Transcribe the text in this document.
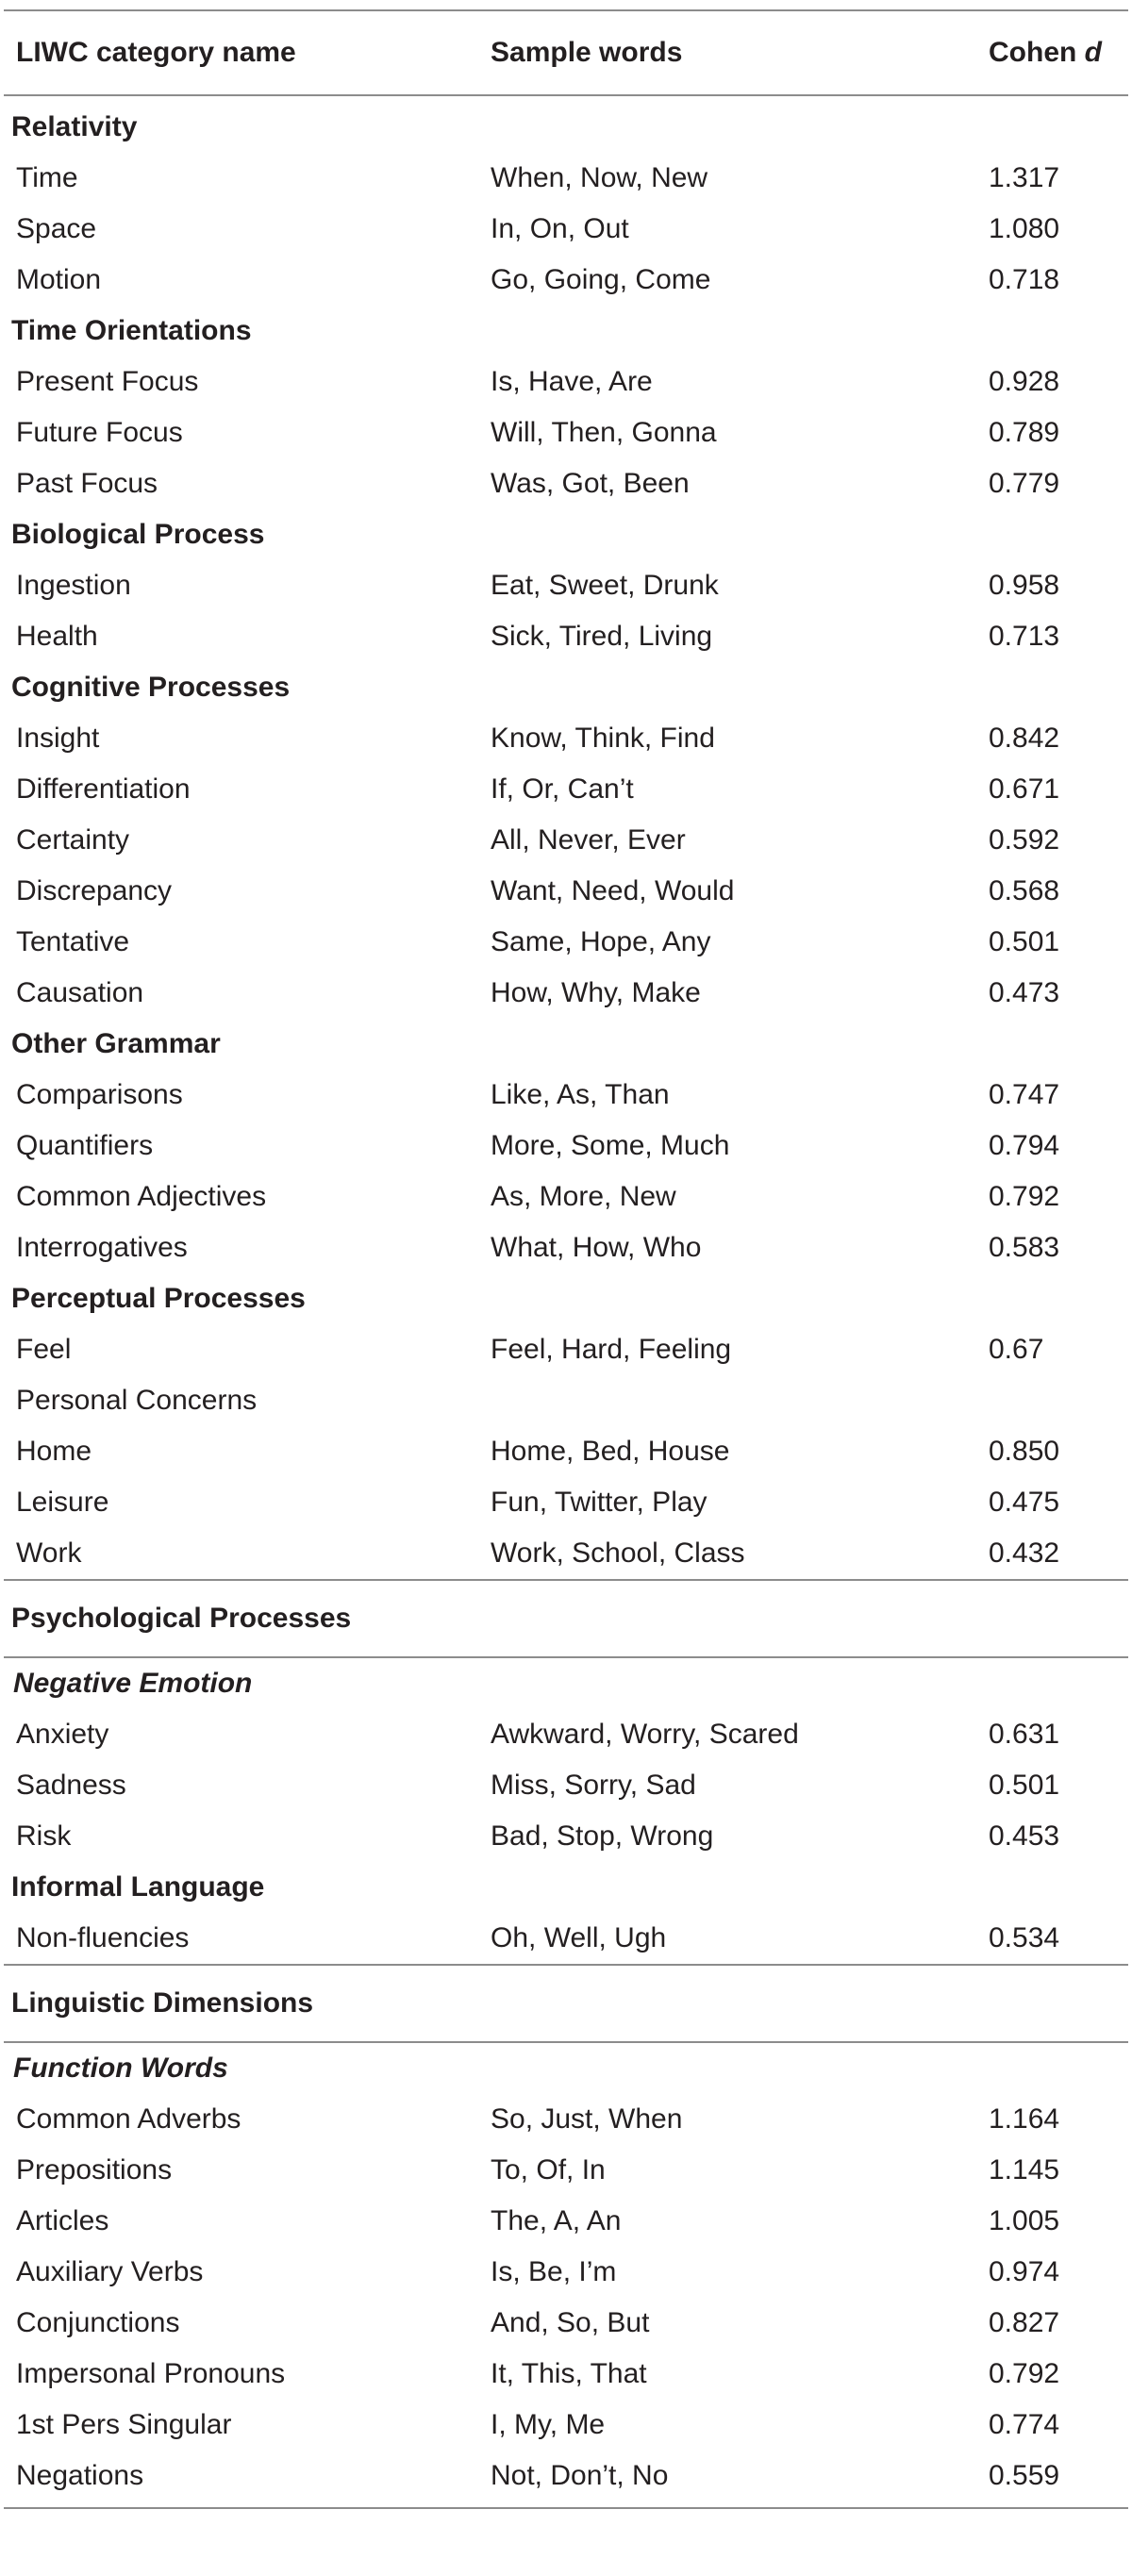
LIWC category name	Sample words	Cohen d
Relativity
Time	When, Now, New	1.317
Space	In, On, Out	1.080
Motion	Go, Going, Come	0.718
Time Orientations
Present Focus	Is, Have, Are	0.928
Future Focus	Will, Then, Gonna	0.789
Past Focus	Was, Got, Been	0.779
Biological Process
Ingestion	Eat, Sweet, Drunk	0.958
Health	Sick, Tired, Living	0.713
Cognitive Processes
Insight	Know, Think, Find	0.842
Differentiation	If, Or, Can’t	0.671
Certainty	All, Never, Ever	0.592
Discrepancy	Want, Need, Would	0.568
Tentative	Same, Hope, Any	0.501
Causation	How, Why, Make	0.473
Other Grammar
Comparisons	Like, As, Than	0.747
Quantifiers	More, Some, Much	0.794
Common Adjectives	As, More, New	0.792
Interrogatives	What, How, Who	0.583
Perceptual Processes
Feel	Feel, Hard, Feeling	0.67
Personal Concerns
Home	Home, Bed, House	0.850
Leisure	Fun, Twitter, Play	0.475
Work	Work, School, Class	0.432
Psychological Processes
Negative Emotion
Anxiety	Awkward, Worry, Scared	0.631
Sadness	Miss, Sorry, Sad	0.501
Risk	Bad, Stop, Wrong	0.453
Informal Language
Non-fluencies	Oh, Well, Ugh	0.534
Linguistic Dimensions
Function Words
Common Adverbs	So, Just, When	1.164
Prepositions	To, Of, In	1.145
Articles	The, A, An	1.005
Auxiliary Verbs	Is, Be, I’m	0.974
Conjunctions	And, So, But	0.827
Impersonal Pronouns	It, This, That	0.792
1st Pers Singular	I, My, Me	0.774
Negations	Not, Don’t, No	0.559
